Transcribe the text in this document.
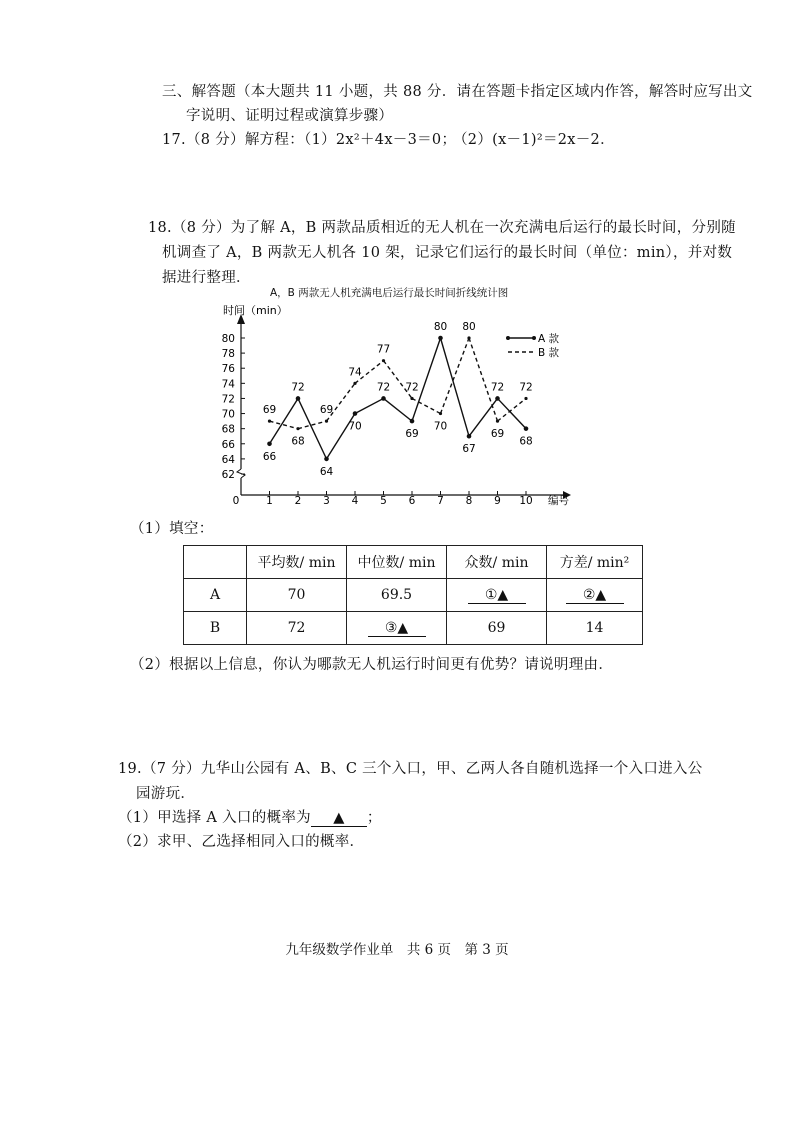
三、解答题（本大题共 11 小题，共 88 分．请在答题卡指定区域内作答，解答时应写出文
字说明、证明过程或演算步骤）
17.（8 分）解方程：（1）2x²＋4x－3＝0；
（2）(x－1)²＝2x－2．
18.（8 分）为了解 A，B 两款品质相近的无人机在一次充满电后运行的最长时间，分别随
机调查了 A，B 两款无人机各 10 架，记录它们运行的最长时间（单位：min），并对数
据进行整理．
A，B 两款无人机充满电后运行最长时间折线统计图
时间（min）
编号
62
64
66
68
70
72
74
76
78
80
0	1 2 3 4 5 6 7 8 9 10
66
72
64
70
72
69
80
67
72
68
69
68
69
74
77
72
70
80
69
72
A 款
B 款
（1）填空：
	平均数/ min	中位数/ min	众数/ min	方差/ min²
A	70	69.5	①▲	②▲
B	72	③▲	69	14
（2）根据以上信息，你认为哪款无人机运行时间更有优势？请说明理由．
19.（7 分）九华山公园有 A、B、C 三个入口，甲、乙两人各自随机选择一个入口进入公
园游玩．
（1）甲选择 A 入口的概率为 ▲ ；
（2）求甲、乙选择相同入口的概率．
九年级数学作业单　共 6 页　第 3 页
